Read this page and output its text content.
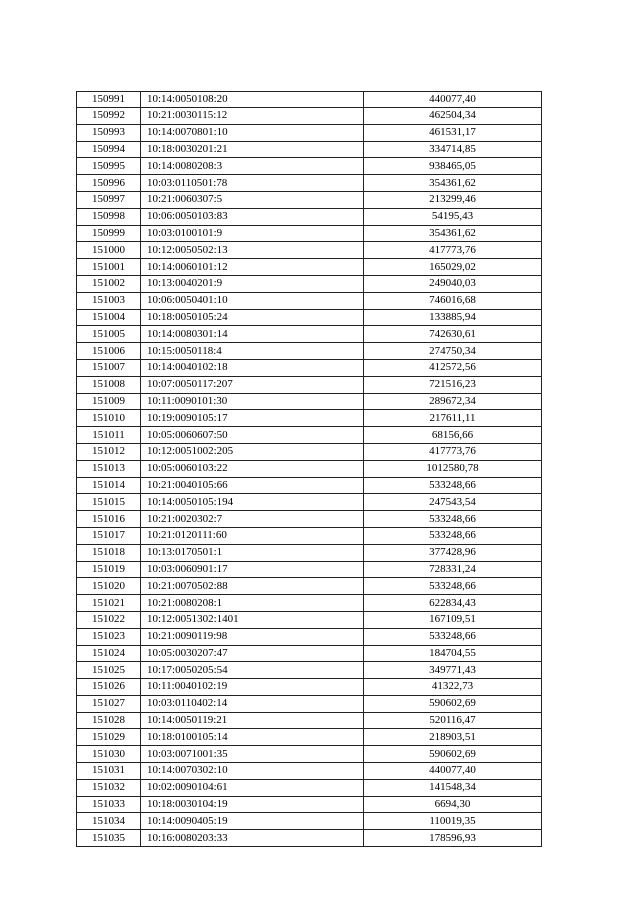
150991	10:14:0050108:20	440077,40
150992	10:21:0030115:12	462504,34
150993	10:14:0070801:10	461531,17
150994	10:18:0030201:21	334714,85
150995	10:14:0080208:3	938465,05
150996	10:03:0110501:78	354361,62
150997	10:21:0060307:5	213299,46
150998	10:06:0050103:83	54195,43
150999	10:03:0100101:9	354361,62
151000	10:12:0050502:13	417773,76
151001	10:14:0060101:12	165029,02
151002	10:13:0040201:9	249040,03
151003	10:06:0050401:10	746016,68
151004	10:18:0050105:24	133885,94
151005	10:14:0080301:14	742630,61
151006	10:15:0050118:4	274750,34
151007	10:14:0040102:18	412572,56
151008	10:07:0050117:207	721516,23
151009	10:11:0090101:30	289672,34
151010	10:19:0090105:17	217611,11
151011	10:05:0060607:50	68156,66
151012	10:12:0051002:205	417773,76
151013	10:05:0060103:22	1012580,78
151014	10:21:0040105:66	533248,66
151015	10:14:0050105:194	247543,54
151016	10:21:0020302:7	533248,66
151017	10:21:0120111:60	533248,66
151018	10:13:0170501:1	377428,96
151019	10:03:0060901:17	728331,24
151020	10:21:0070502:88	533248,66
151021	10:21:0080208:1	622834,43
151022	10:12:0051302:1401	167109,51
151023	10:21:0090119:98	533248,66
151024	10:05:0030207:47	184704,55
151025	10:17:0050205:54	349771,43
151026	10:11:0040102:19	41322,73
151027	10:03:0110402:14	590602,69
151028	10:14:0050119:21	520116,47
151029	10:18:0100105:14	218903,51
151030	10:03:0071001:35	590602,69
151031	10:14:0070302:10	440077,40
151032	10:02:0090104:61	141548,34
151033	10:18:0030104:19	6694,30
151034	10:14:0090405:19	110019,35
151035	10:16:0080203:33	178596,93
